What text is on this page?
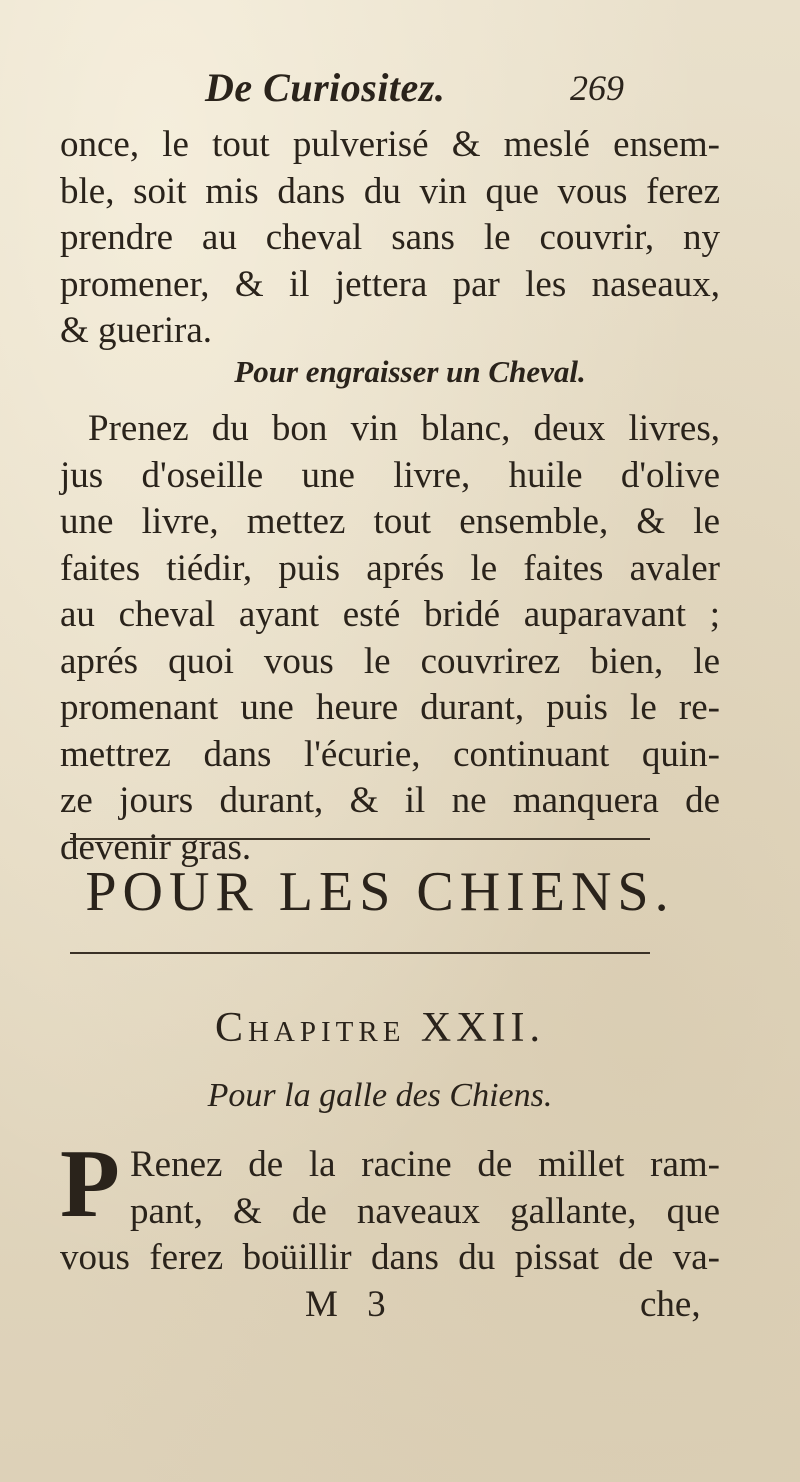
De Curiositez.	269
once, le tout pulverisé & meslé ensem-
ble, soit mis dans du vin que vous ferez
prendre au cheval sans le couvrir, ny
promener, & il jettera par les naseaux,
& guerira.
Pour engraisser un Cheval.
Prenez du bon vin blanc, deux livres,
jus d'oseille une livre, huile d'olive
une livre, mettez tout ensemble, & le
faites tiédir, puis aprés le faites avaler
au cheval ayant esté bridé auparavant ;
aprés quoi vous le couvrirez bien, le
promenant une heure durant, puis le re-
mettrez dans l'écurie, continuant quin-
ze jours durant, & il ne manquera de
devenir gras.
POUR LES CHIENS.
Chapitre XXII.
Pour la galle des Chiens.
P Renez de la racine de millet ram-
pant, & de naveaux gallante, que
vous ferez boüillir dans du pissat de va-
M 3	che,
